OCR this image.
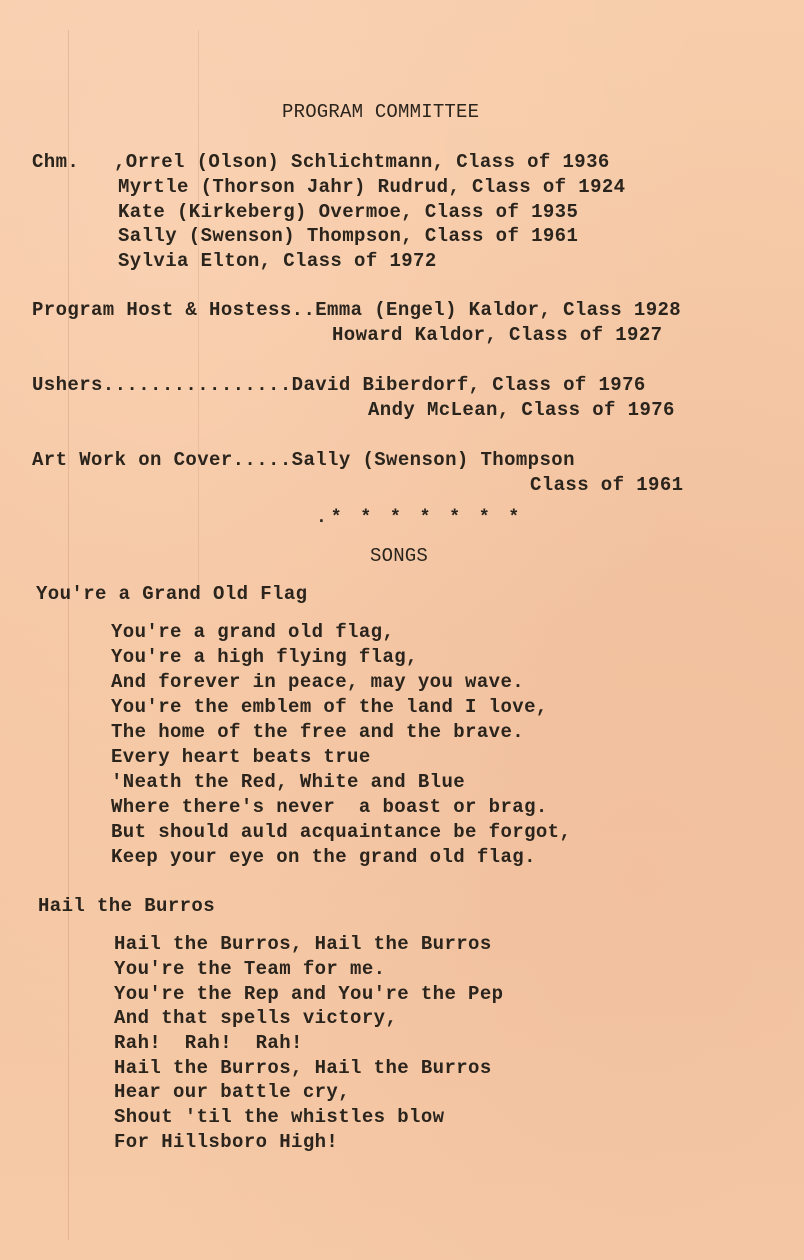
PROGRAM COMMITTEE
Chm. ,Orrel (Olson) Schlichtmann, Class of 1936
Myrtle (Thorson Jahr) Rudrud, Class of 1924
Kate (Kirkeberg) Overmoe, Class of 1935
Sally (Swenson) Thompson, Class of 1961
Sylvia Elton, Class of 1972
Program Host & Hostess..Emma (Engel) Kaldor, Class 1928
Howard Kaldor, Class of 1927
Ushers................David Biberdorf, Class of 1976
Andy McLean, Class of 1976
Art Work on Cover.....Sally (Swenson) Thompson
Class of 1961
.* * * * * * *
SONGS
You're a Grand Old Flag
You're a grand old flag,
You're a high flying flag,
And forever in peace, may you wave.
You're the emblem of the land I love,
The home of the free and the brave.
Every heart beats true
'Neath the Red, White and Blue
Where there's never  a boast or brag.
But should auld acquaintance be forgot,
Keep your eye on the grand old flag.
Hail the Burros
Hail the Burros, Hail the Burros
You're the Team for me.
You're the Rep and You're the Pep
And that spells victory,
Rah!  Rah!  Rah!
Hail the Burros, Hail the Burros
Hear our battle cry,
Shout 'til the whistles blow
For Hillsboro High!
